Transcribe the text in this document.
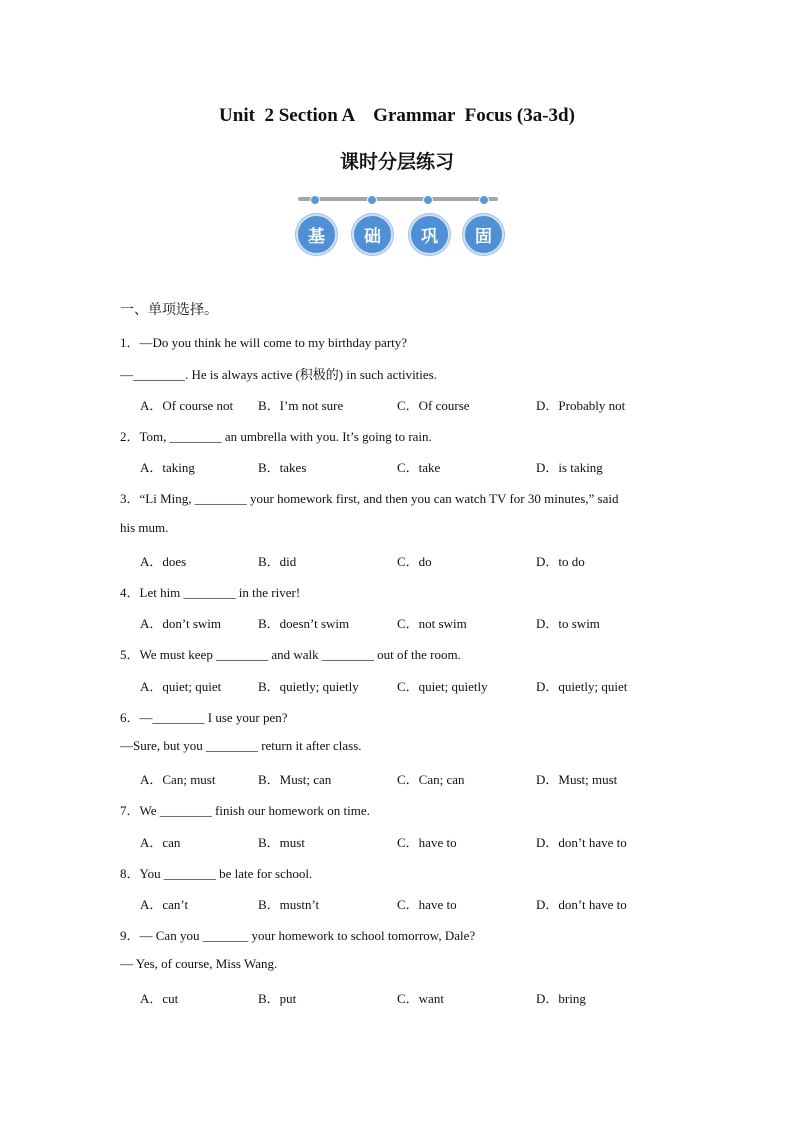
Unit  2 Section A    Grammar  Focus (3a-3d)
课时分层练习
基	础	巩	固
一、单项选择。
1．—Do you think he will come to my birthday party?
—________. He is always active (积极的) in such activities.
A．Of course not B．I’m not sure	C．Of course	D．Probably not
2．Tom, ________ an umbrella with you. It’s going to rain.
A．taking	B．takes	C．take	D．is taking
3．“Li Ming, ________ your homework first, and then you can watch TV for 30 minutes,” said
his mum.
A．does	B．did	C．do	D．to do
4．Let him ________ in the river!
A．don’t swim	B．doesn’t swim	C．not swim	D．to swim
5．We must keep ________ and walk ________ out of the room.
A．quiet; quiet	B．quietly; quietly	C．quiet; quietly	D．quietly; quiet
6．—________ I use your pen?
—Sure, but you ________ return it after class.
A．Can; must	B．Must; can	C．Can; can	D．Must; must
7．We ________ finish our homework on time.
A．can	B．must	C．have to	D．don’t have to
8．You ________ be late for school.
A．can’t	B．mustn’t	C．have to	D．don’t have to
9．— Can you _______ your homework to school tomorrow, Dale?
— Yes, of course, Miss Wang.
A．cut	B．put	C．want	D．bring
